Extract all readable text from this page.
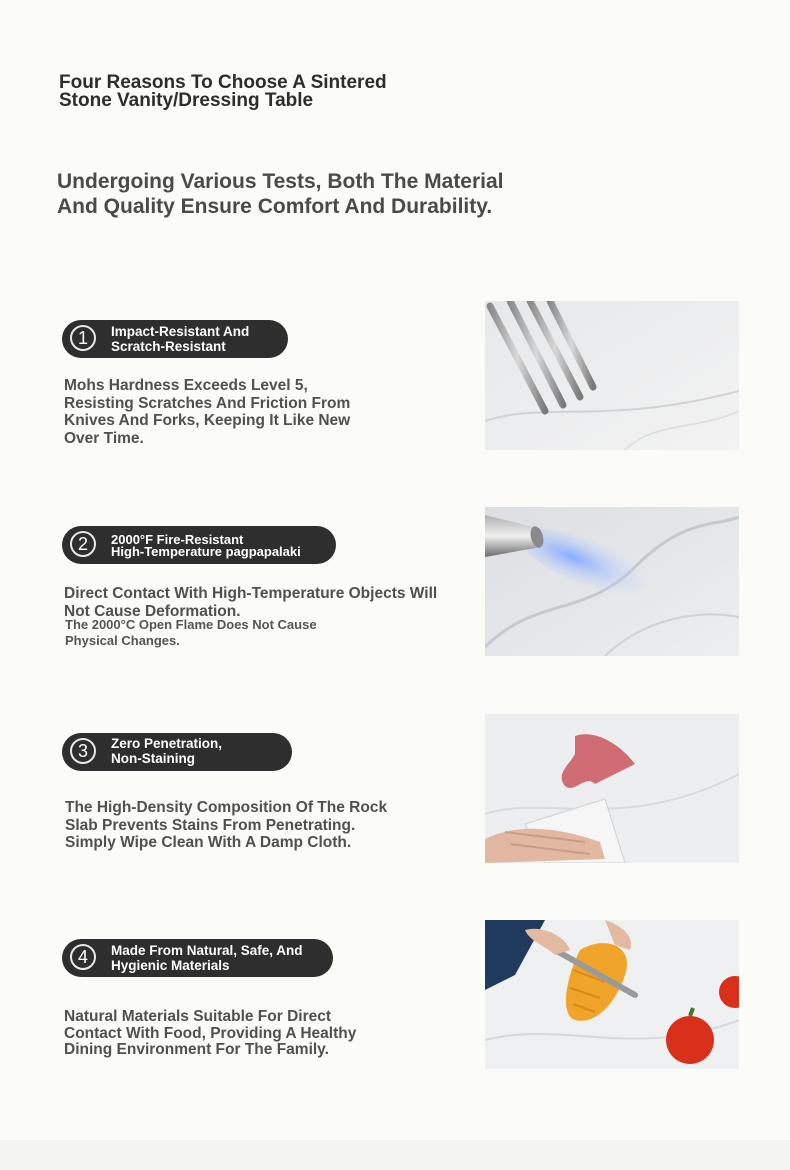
Four Reasons To Choose A Sintered Stone Vanity/Dressing Table
Undergoing Various Tests, Both The Material And Quality Ensure Comfort And Durability.
1	Impact-Resistant And
Scratch-Resistant

Mohs Hardness Exceeds Level 5, Resisting Scratches And Friction From Knives And Forks, Keeping It Like New Over Time.

2	2000°F Fire-Resistant
High-Temperature pagpapalaki

Direct Contact With High-Temperature Objects Will Not Cause Deformation.

The 2000°C Open Flame Does Not Cause Physical Changes.

3	Zero Penetration,
Non-Staining

The High-Density Composition Of The Rock Slab Prevents Stains From Penetrating. Simply Wipe Clean With A Damp Cloth.

4	Made From Natural, Safe, And
Hygienic Materials

Natural Materials Suitable For Direct Contact With Food, Providing A Healthy Dining Environment For The Family.
